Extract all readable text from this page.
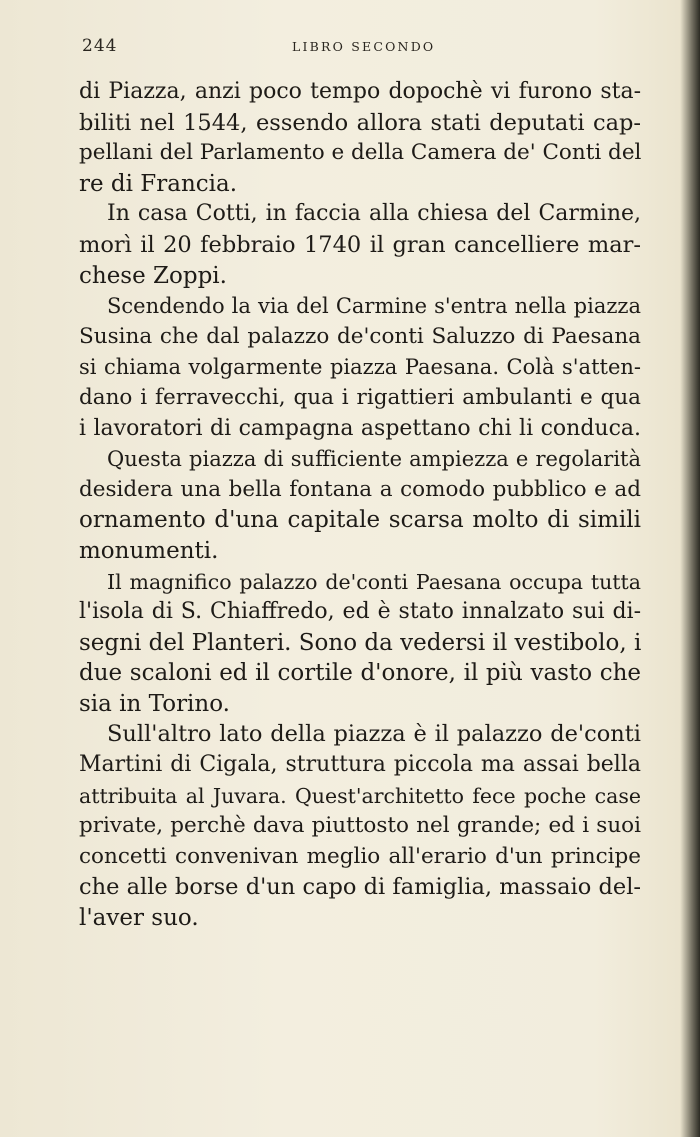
244	LIBRO SECONDO
di Piazza, anzi poco tempo dopochè vi furono sta-
biliti nel 1544, essendo allora stati deputati cap-
pellani del Parlamento e della Camera de' Conti del
re di Francia.
In casa Cotti, in faccia alla chiesa del Carmine,
morì il 20 febbraio 1740 il gran cancelliere mar-
chese Zoppi.
Scendendo la via del Carmine s'entra nella piazza
Susina che dal palazzo de'conti Saluzzo di Paesana
si chiama volgarmente piazza Paesana. Colà s'atten-
dano i ferravecchi, qua i rigattieri ambulanti e qua
i lavoratori di campagna aspettano chi li conduca.
Questa piazza di sufficiente ampiezza e regolarità
desidera una bella fontana a comodo pubblico e ad
ornamento d'una capitale scarsa molto di simili
monumenti.
Il magnifico palazzo de'conti Paesana occupa tutta
l'isola di S. Chiaffredo, ed è stato innalzato sui di-
segni del Planteri. Sono da vedersi il vestibolo, i
due scaloni ed il cortile d'onore, il più vasto che
sia in Torino.
Sull'altro lato della piazza è il palazzo de'conti
Martini di Cigala, struttura piccola ma assai bella
attribuita al Juvara. Quest'architetto fece poche case
private, perchè dava piuttosto nel grande; ed i suoi
concetti convenivan meglio all'erario d'un principe
che alle borse d'un capo di famiglia, massaio del-
l'aver suo.
